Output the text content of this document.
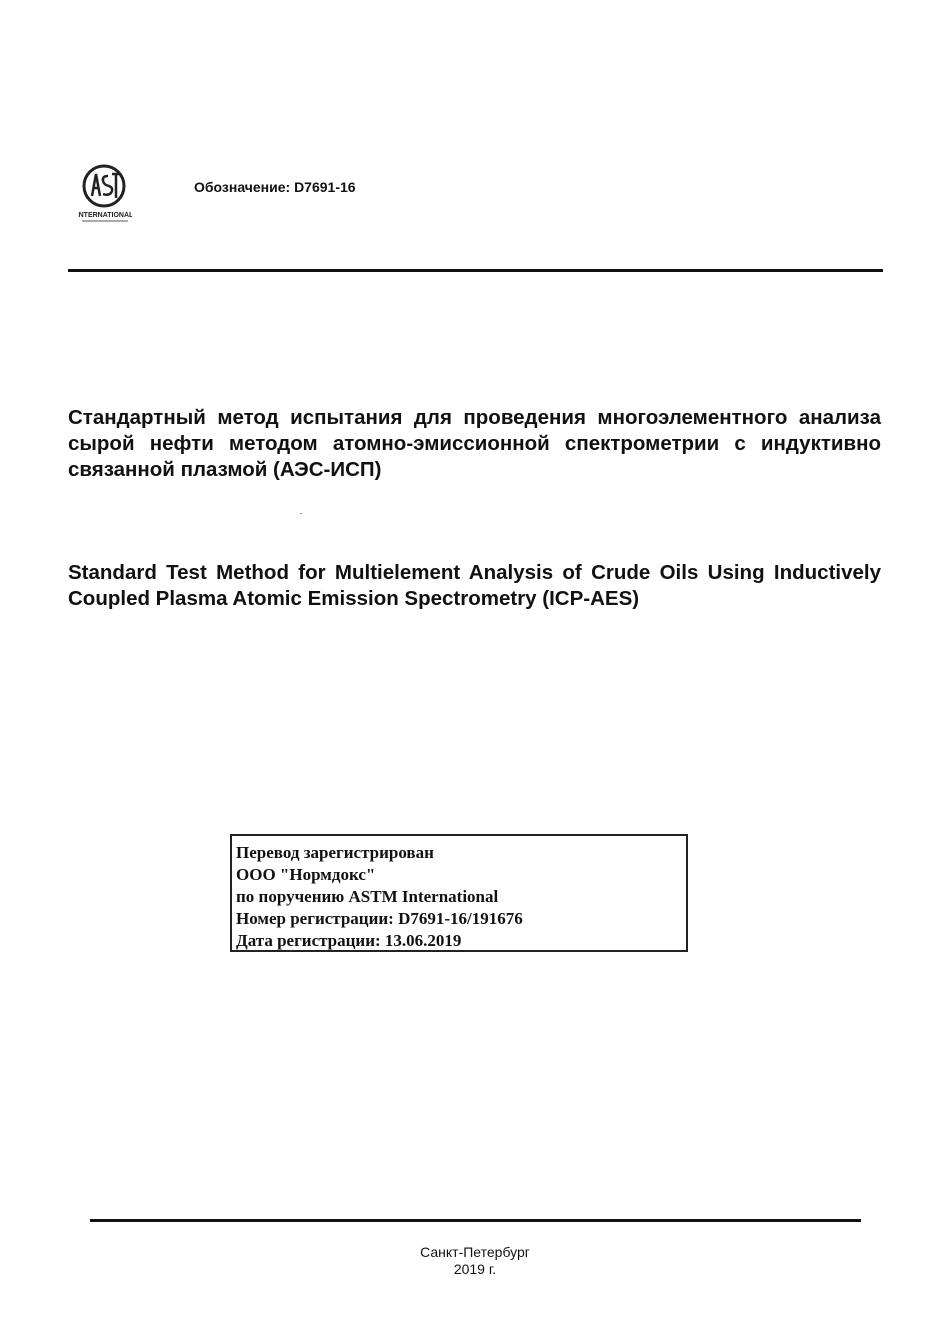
INTERNATIONAL
Обозначение: D7691-16
Стандартный метод испытания для проведения многоэлементного анализа сырой нефти методом атомно-эмиссионной спектрометрии с индуктивно связанной плазмой (АЭС-ИСП)
Standard Test Method for Multielement Analysis of Crude Oils Using Inductively Coupled Plasma Atomic Emission Spectrometry (ICP-AES)
Перевод зарегистрирован
ООО "Нормдокс"
по поручению ASTM International
Номер регистрации: D7691-16/191676
Дата регистрации: 13.06.2019
Санкт-Петербург
2019 г.
